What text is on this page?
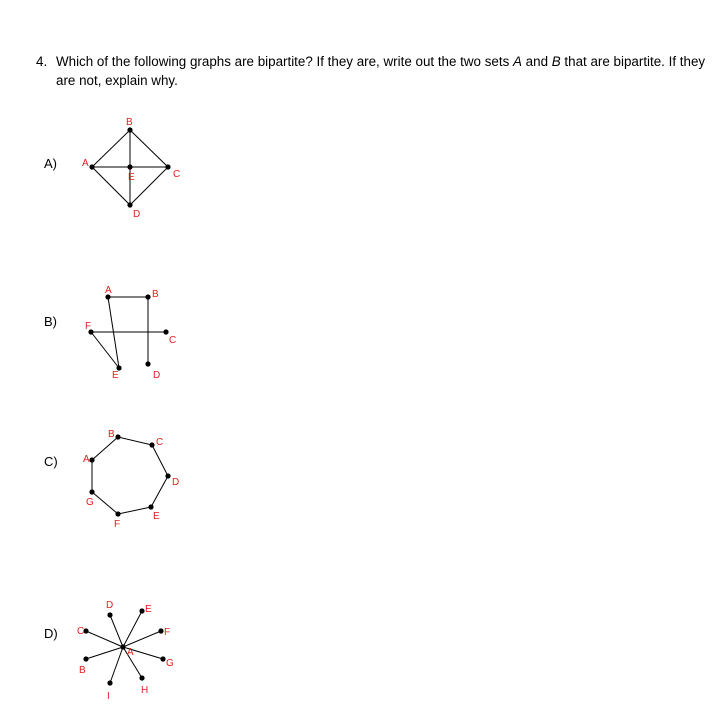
4. Which of the following graphs are bipartite? If they are, write out the two sets A and B that are bipartite. If they are not, explain why.
A)
B)
C)
D)
A
B
C
D
E
A	B
C
D
E
F
A
B
C
D
E
F
G
A
B
C
D	E
F
G
H
I
